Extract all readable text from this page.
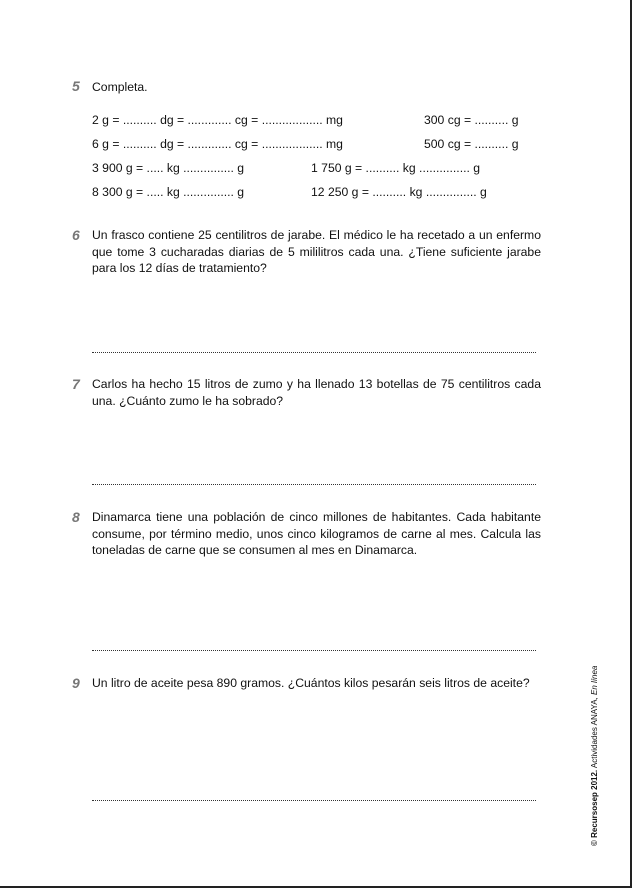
5 Completa.
2 g = .......... dg = ............. cg = .................. mg	300 cg = .......... g
6 g = .......... dg = ............. cg = .................. mg	500 cg = .......... g
3 900 g = ..... kg ............... g	1 750 g = .......... kg ............... g
8 300 g = ..... kg ............... g	12 250 g = .......... kg ............... g
6 Un frasco contiene 25 centilitros de jarabe. El médico le ha recetado a un enfermo que tome 3 cucharadas diarias de 5 mililitros cada una. ¿Tiene suficiente jarabe para los 12 días de tratamiento?
7 Carlos ha hecho 15 litros de zumo y ha llenado 13 botellas de 75 centilitros cada una. ¿Cuánto zumo le ha sobrado?
8 Dinamarca tiene una población de cinco millones de habitantes. Cada habitante consume, por término medio, unos cinco kilogramos de carne al mes. Calcula las toneladas de carne que se consumen al mes en Dinamarca.
9 Un litro de aceite pesa 890 gramos. ¿Cuántos kilos pesarán seis litros de aceite?
© Recursosep 2012. Actividades ANAYA, En línea
